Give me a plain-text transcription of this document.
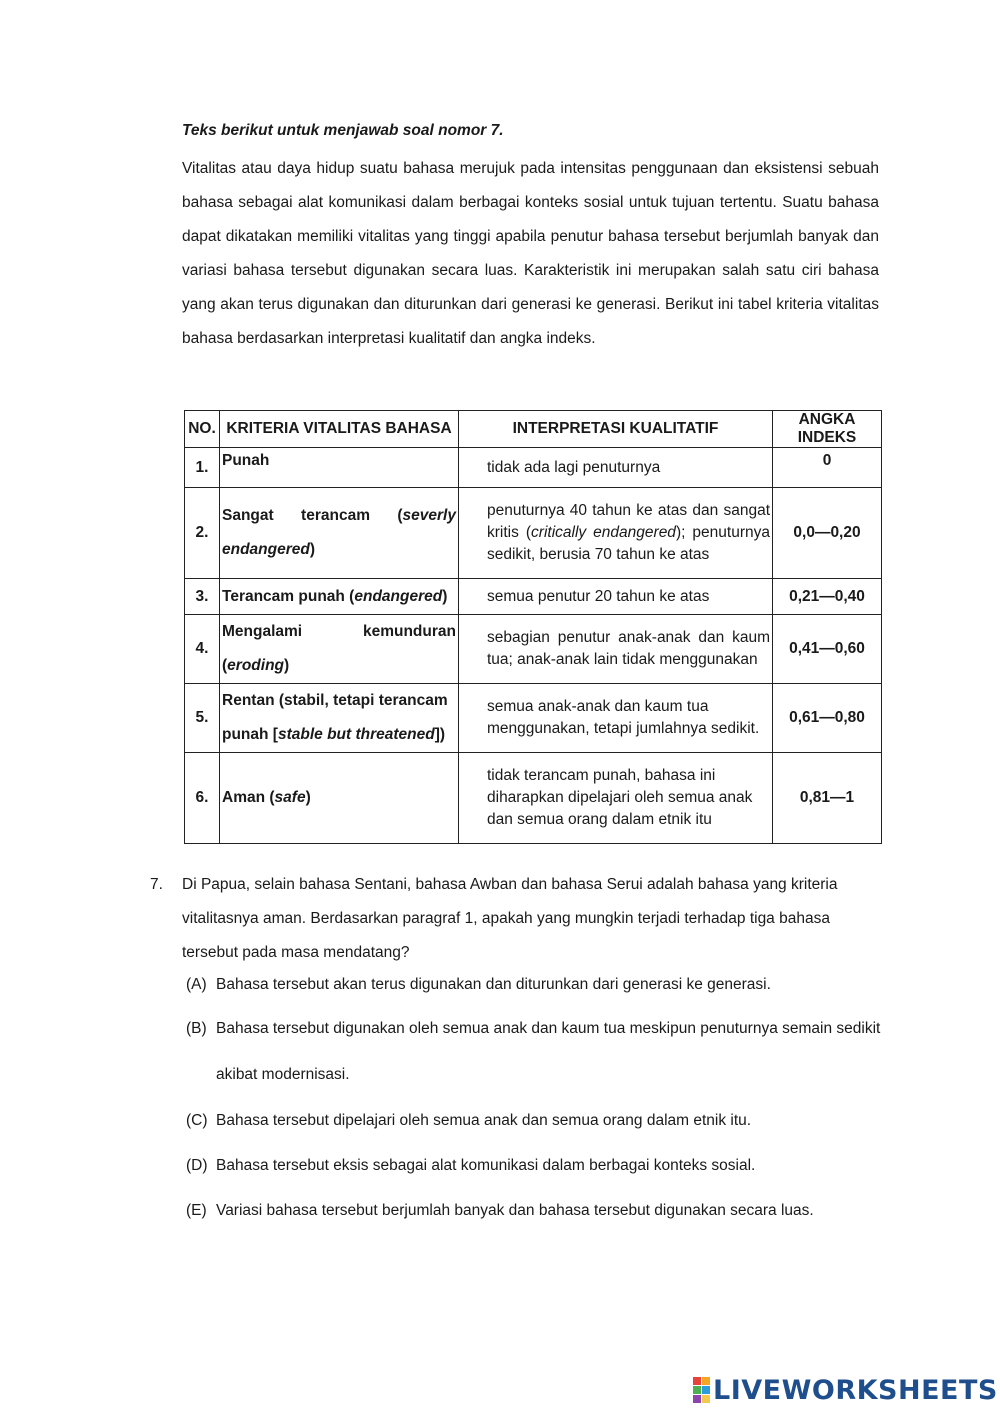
Teks berikut untuk menjawab soal nomor 7.

Vitalitas atau daya hidup suatu bahasa merujuk pada intensitas penggunaan dan eksistensi sebuah bahasa sebagai alat komunikasi dalam berbagai konteks sosial untuk tujuan tertentu. Suatu bahasa dapat dikatakan memiliki vitalitas yang tinggi apabila penutur bahasa tersebut berjumlah banyak dan variasi bahasa tersebut digunakan secara luas. Karakteristik ini merupakan salah satu ciri bahasa yang akan terus digunakan dan diturunkan dari generasi ke generasi. Berikut ini tabel kriteria vitalitas bahasa berdasarkan interpretasi kualitatif dan angka indeks.

NO.	KRITERIA VITALITAS BAHASA	INTERPRETASI KUALITATIF	ANGKA INDEKS
1.	Punah	tidak ada lagi penuturnya	0
2.	Sangat terancam (severly
endangered)	penuturnya 40 tahun ke atas dan sangat kritis (critically endangered); penuturnya sedikit, berusia 70 tahun ke atas	0,0—0,20
3.	Terancam punah (endangered)	semua penutur 20 tahun ke atas	0,21—0,40
4.	Mengalami kemunduran
(eroding)	sebagian penutur anak-anak dan kaum tua; anak-anak lain tidak menggunakan	0,41—0,60
5.	Rentan (stabil, tetapi terancam
punah [stable but threatened])	semua anak-anak dan kaum tua menggunakan, tetapi jumlahnya sedikit.	0,61—0,80
6.	Aman (safe)	tidak terancam punah, bahasa ini diharapkan dipelajari oleh semua anak dan semua orang dalam etnik itu	0,81—1
7. Di Papua, selain bahasa Sentani, bahasa Awban dan bahasa Serui adalah bahasa yang kriteria vitalitasnya aman. Berdasarkan paragraf 1, apakah yang mungkin terjadi terhadap tiga bahasa tersebut pada masa mendatang?
(A) Bahasa tersebut akan terus digunakan dan diturunkan dari generasi ke generasi.
(B) Bahasa tersebut digunakan oleh semua anak dan kaum tua meskipun penuturnya semain sedikit akibat modernisasi.
(C) Bahasa tersebut dipelajari oleh semua anak dan semua orang dalam etnik itu.
(D) Bahasa tersebut eksis sebagai alat komunikasi dalam berbagai konteks sosial.
(E) Variasi bahasa tersebut berjumlah banyak dan bahasa tersebut digunakan secara luas.
LIVEWORKSHEETS
